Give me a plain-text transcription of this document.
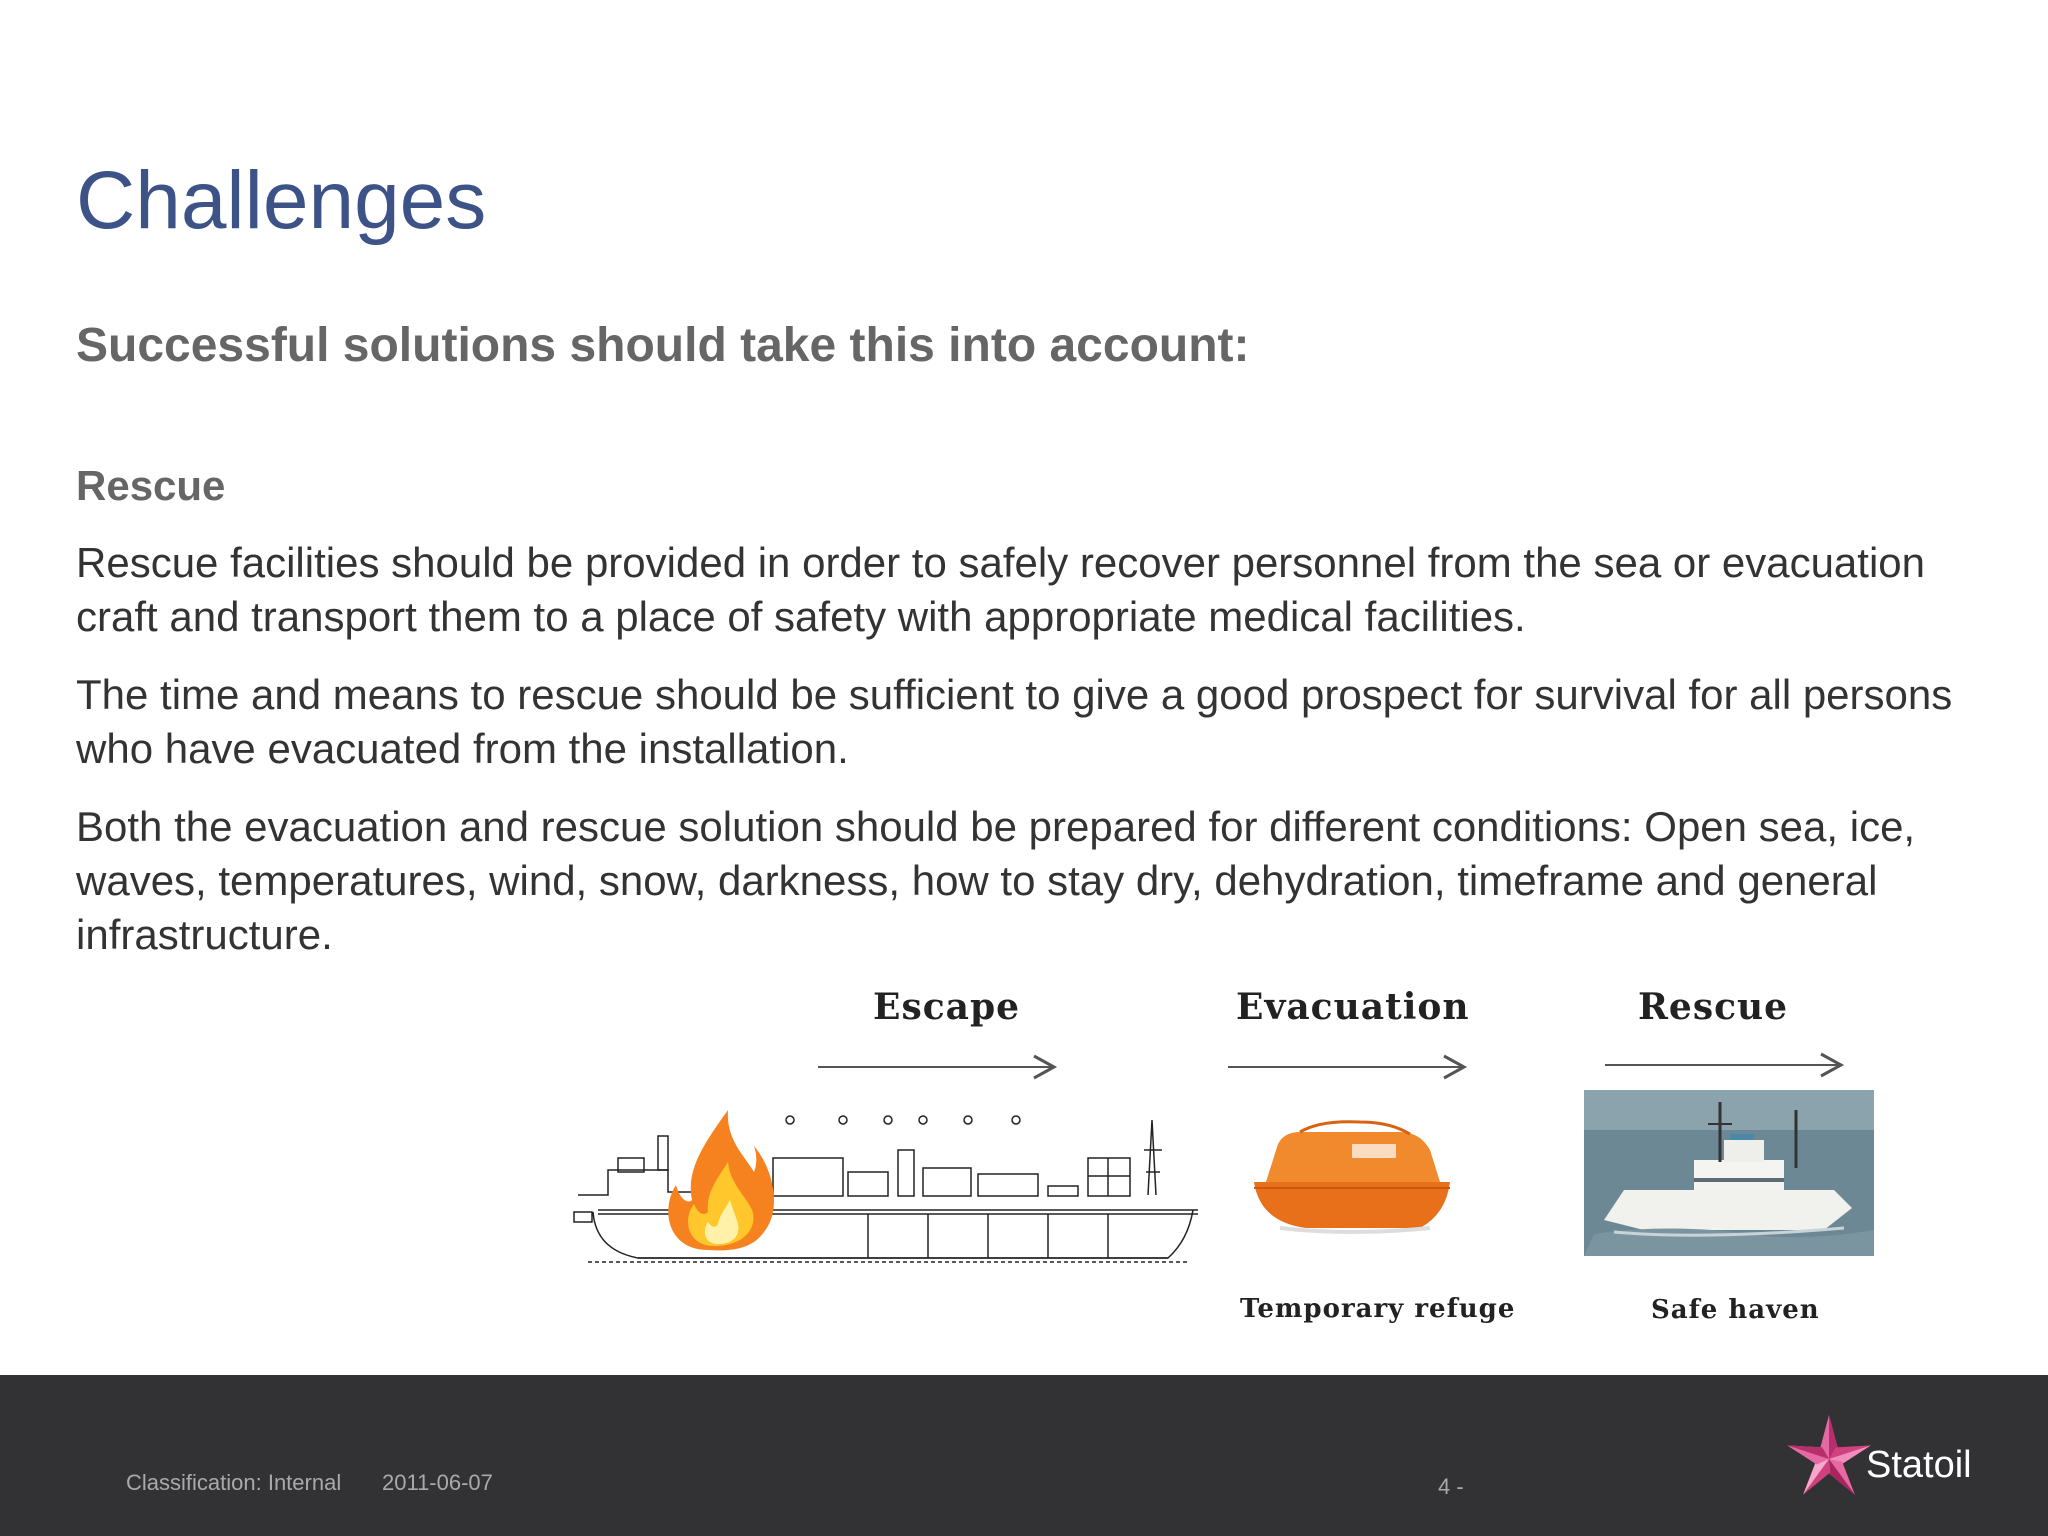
Challenges
Successful solutions should take this into account:
Rescue
Rescue facilities should be provided in order to safely recover personnel from the sea or evacuation craft and transport them to a place of safety with appropriate medical facilities.
The time and means to rescue should be sufficient to give a good prospect for survival for all persons who have evacuated from the installation.
Both the evacuation and rescue solution should be prepared for different conditions: Open sea, ice, waves, temperatures, wind, snow, darkness, how to stay dry, dehydration, timeframe and general infrastructure.
Escape	Evacuation	Rescue
Temporary refuge	Safe haven
Classification: Internal 2011-06-07	4 -
Statoil
